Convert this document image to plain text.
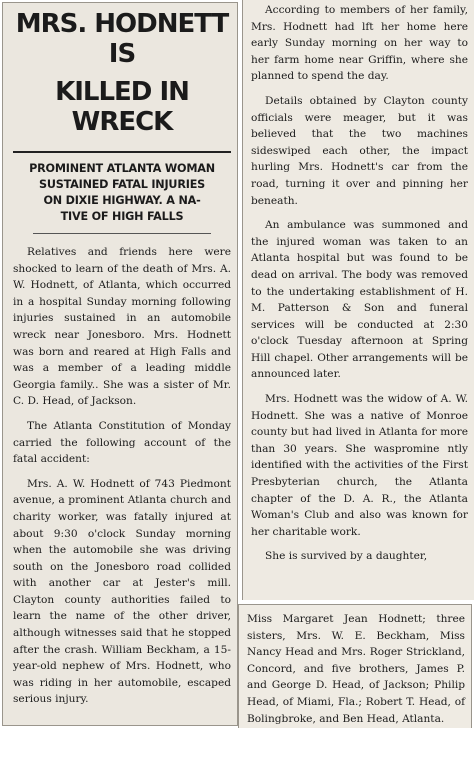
MRS. HODNETT IS
KILLED IN WRECK
PROMINENT ATLANTA WOMAN
SUSTAINED FATAL INJURIES
ON DIXIE HIGHWAY. A NA-
TIVE OF HIGH FALLS

Relatives and friends here were shocked to learn of the death of Mrs. A. W. Hodnett, of Atlanta, which occurred in a hospital Sunday morning following injuries sustained in an automobile wreck near Jonesboro. Mrs. Hodnett was born and reared at High Falls and was a member of a leading middle Georgia family.. She was a sister of Mr. C. D. Head, of Jackson.

The Atlanta Constitution of Monday carried the following account of the fatal accident:

Mrs. A. W. Hodnett of 743 Piedmont avenue, a prominent Atlanta church and charity worker, was fatally injured at about 9:30 o'clock Sunday morning when the automobile she was driving south on the Jonesboro road collided with another car at Jester's mill. Clayton county authorities failed to learn the name of the other driver, although witnesses said that he stopped after the crash. William Beckham, a 15-year-old nephew of Mrs. Hodnett, who was riding in her automobile, escaped serious injury.

According to members of her family, Mrs. Hodnett had lft her home here early Sunday morning on her way to her farm home near Griffin, where she planned to spend the day.

Details obtained by Clayton county officials were meager, but it was believed that the two machines sideswiped each other, the impact hurling Mrs. Hodnett's car from the road, turning it over and pinning her beneath.

An ambulance was summoned and the injured woman was taken to an Atlanta hospital but was found to be dead on arrival. The body was removed to the undertaking establishment of H. M. Patterson & Son and funeral services will be conducted at 2:30 o'clock Tuesday afternoon at Spring Hill chapel. Other arrangements will be announced later.

Mrs. Hodnett was the widow of A. W. Hodnett. She was a native of Monroe county but had lived in Atlanta for more than 30 years. She waspromine ntly identified with the activities of the First Presbyterian church, the Atlanta chapter of the D. A. R., the Atlanta Woman's Club and also was known for her charitable work.

She is survived by a daughter,

Miss Margaret Jean Hodnett; three sisters, Mrs. W. E. Beckham, Miss Nancy Head and Mrs. Roger Strickland, Concord, and five brothers, James P. and George D. Head, of Jackson; Philip Head, of Miami, Fla.; Robert T. Head, of Bolingbroke, and Ben Head, Atlanta.
